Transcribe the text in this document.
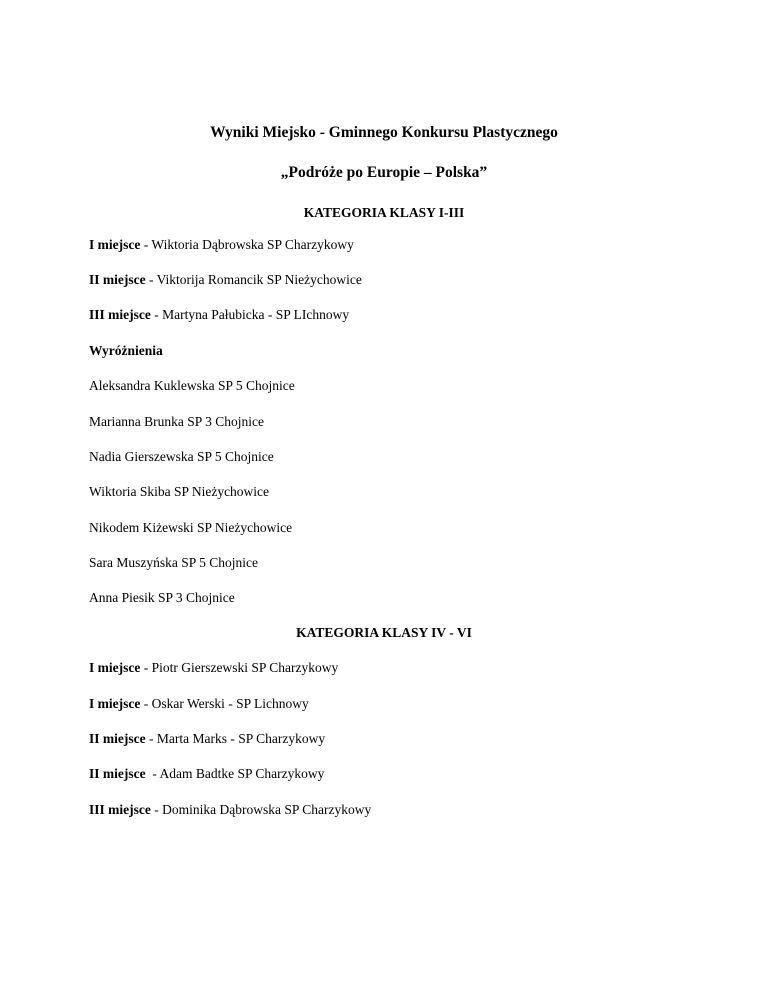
Wyniki Miejsko - Gminnego Konkursu Plastycznego
„Podróże po Europie – Polska”
KATEGORIA KLASY I-III
I miejsce - Wiktoria Dąbrowska SP Charzykowy
II miejsce - Viktorija Romancik SP Nieżychowice
III miejsce - Martyna Pałubicka - SP LIchnowy
Wyróżnienia
Aleksandra Kuklewska SP 5 Chojnice
Marianna Brunka SP 3 Chojnice
Nadia Gierszewska SP 5 Chojnice
Wiktoria Skiba SP Nieżychowice
Nikodem Kiżewski SP Nieżychowice
Sara Muszyńska SP 5 Chojnice
Anna Piesik SP 3 Chojnice
KATEGORIA KLASY IV - VI
I miejsce - Piotr Gierszewski SP Charzykowy
I miejsce - Oskar Werski - SP Lichnowy
II miejsce - Marta Marks - SP Charzykowy
II miejsce  - Adam Badtke SP Charzykowy
III miejsce - Dominika Dąbrowska SP Charzykowy
